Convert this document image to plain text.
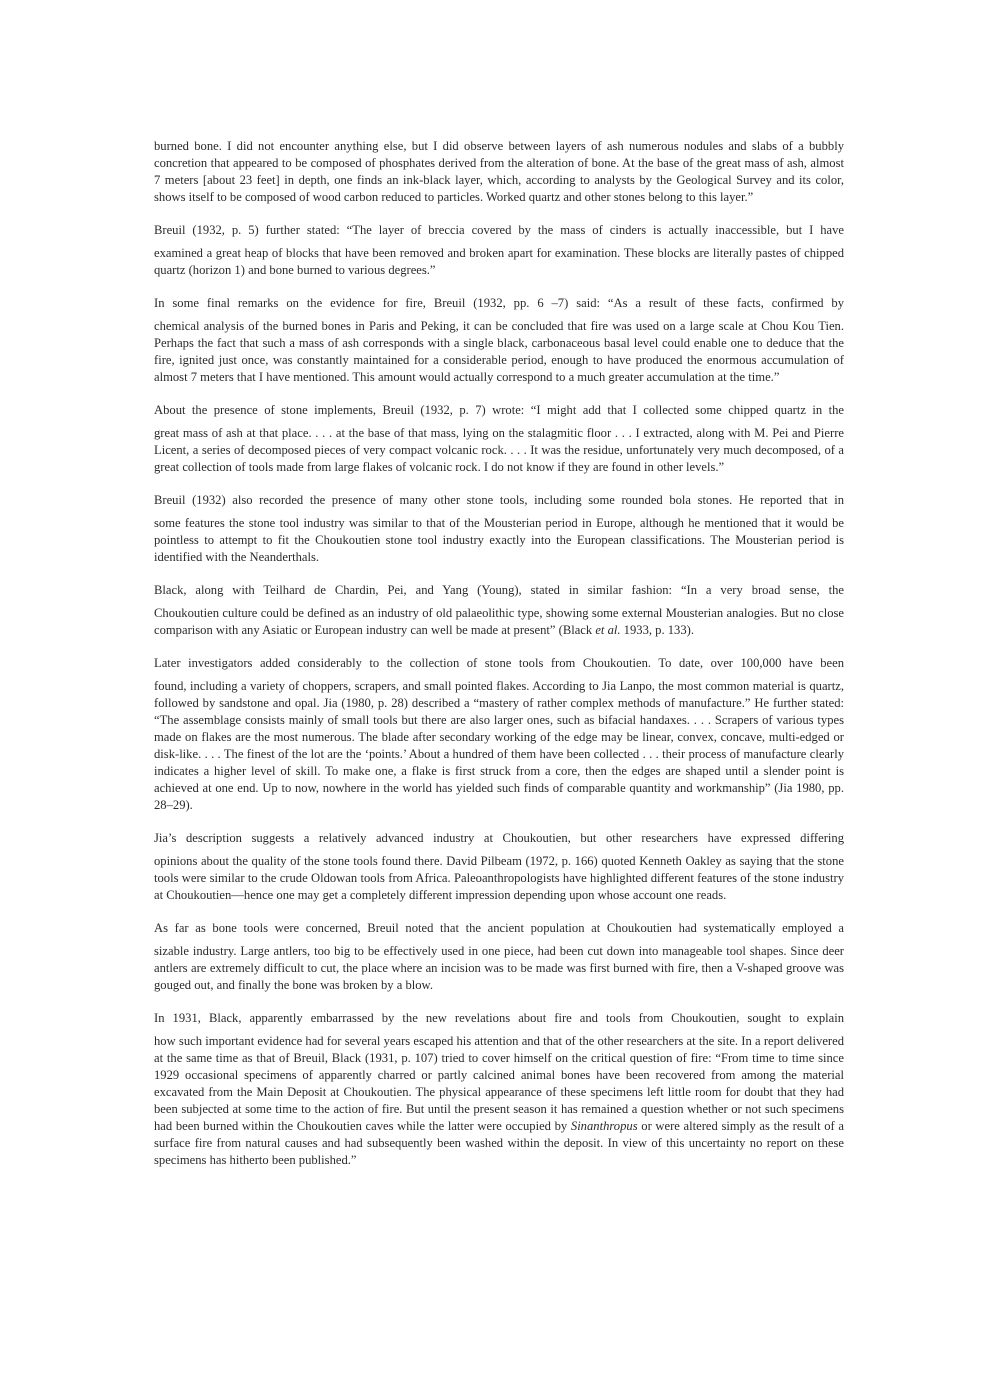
burned bone. I did not encounter anything else, but I did observe between layers of ash numerous nodules and slabs of a bubbly concretion that appeared to be composed of phosphates derived from the alteration of bone. At the base of the great mass of ash, almost 7 meters [about 23 feet] in depth, one finds an ink-black layer, which, according to analysts by the Geological Survey and its color, shows itself to be composed of wood carbon reduced to particles. Worked quartz and other stones belong to this layer.”

Breuil (1932, p. 5) further stated: “The layer of breccia covered by the mass of cinders is actually inaccessible, but I have
examined a great heap of blocks that have been removed and broken apart for examination. These blocks are literally pastes of chipped quartz (horizon 1) and bone burned to various degrees.”

In some final remarks on the evidence for fire, Breuil (1932, pp. 6 –7) said: “As a result of these facts, confirmed by
chemical analysis of the burned bones in Paris and Peking, it can be concluded that fire was used on a large scale at Chou Kou Tien. Perhaps the fact that such a mass of ash corresponds with a single black, carbonaceous basal level could enable one to deduce that the fire, ignited just once, was constantly maintained for a considerable period, enough to have produced the enormous accumulation of almost 7 meters that I have mentioned. This amount would actually correspond to a much greater accumulation at the time.”

About the presence of stone implements, Breuil (1932, p. 7) wrote: “I might add that I collected some chipped quartz in the
great mass of ash at that place. . . . at the base of that mass, lying on the stalagmitic floor . . . I extracted, along with M. Pei and Pierre Licent, a series of decomposed pieces of very compact volcanic rock. . . . It was the residue, unfortunately very much decomposed, of a great collection of tools made from large flakes of volcanic rock. I do not know if they are found in other levels.”

Breuil (1932) also recorded the presence of many other stone tools, including some rounded bola stones. He reported that in
some features the stone tool industry was similar to that of the Mousterian period in Europe, although he mentioned that it would be pointless to attempt to fit the Choukoutien stone tool industry exactly into the European classifications. The Mousterian period is identified with the Neanderthals.

Black, along with Teilhard de Chardin, Pei, and Yang (Young), stated in similar fashion: “In a very broad sense, the
Choukoutien culture could be defined as an industry of old palaeolithic type, showing some external Mousterian analogies. But no close comparison with any Asiatic or European industry can well be made at present” (Black et al. 1933, p. 133).

Later investigators added considerably to the collection of stone tools from Choukoutien. To date, over 100,000 have been
found, including a variety of choppers, scrapers, and small pointed flakes. According to Jia Lanpo, the most common material is quartz, followed by sandstone and opal. Jia (1980, p. 28) described a “mastery of rather complex methods of manufacture.” He further stated: “The assemblage consists mainly of small tools but there are also larger ones, such as bifacial handaxes. . . . Scrapers of various types made on flakes are the most numerous. The blade after secondary working of the edge may be linear, convex, concave, multi-edged or disk-like. . . . The finest of the lot are the ‘points.’ About a hundred of them have been collected . . . their process of manufacture clearly indicates a higher level of skill. To make one, a flake is first struck from a core, then the edges are shaped until a slender point is achieved at one end. Up to now, nowhere in the world has yielded such finds of comparable quantity and workmanship” (Jia 1980, pp. 28–29).

Jia’s description suggests a relatively advanced industry at Choukoutien, but other researchers have expressed differing
opinions about the quality of the stone tools found there. David Pilbeam (1972, p. 166) quoted Kenneth Oakley as saying that the stone tools were similar to the crude Oldowan tools from Africa. Paleoanthropologists have highlighted different features of the stone industry at Choukoutien—hence one may get a completely different impression depending upon whose account one reads.

As far as bone tools were concerned, Breuil noted that the ancient population at Choukoutien had systematically employed a
sizable industry. Large antlers, too big to be effectively used in one piece, had been cut down into manageable tool shapes. Since deer antlers are extremely difficult to cut, the place where an incision was to be made was first burned with fire, then a V-shaped groove was gouged out, and finally the bone was broken by a blow.

In 1931, Black, apparently embarrassed by the new revelations about fire and tools from Choukoutien, sought to explain
how such important evidence had for several years escaped his attention and that of the other researchers at the site. In a report delivered at the same time as that of Breuil, Black (1931, p. 107) tried to cover himself on the critical question of fire: “From time to time since 1929 occasional specimens of apparently charred or partly calcined animal bones have been recovered from among the material excavated from the Main Deposit at Choukoutien. The physical appearance of these specimens left little room for doubt that they had been subjected at some time to the action of fire. But until the present season it has remained a question whether or not such specimens had been burned within the Choukoutien caves while the latter were occupied by Sinanthropus or were altered simply as the result of a surface fire from natural causes and had subsequently been washed within the deposit. In view of this uncertainty no report on these specimens has hitherto been published.”
